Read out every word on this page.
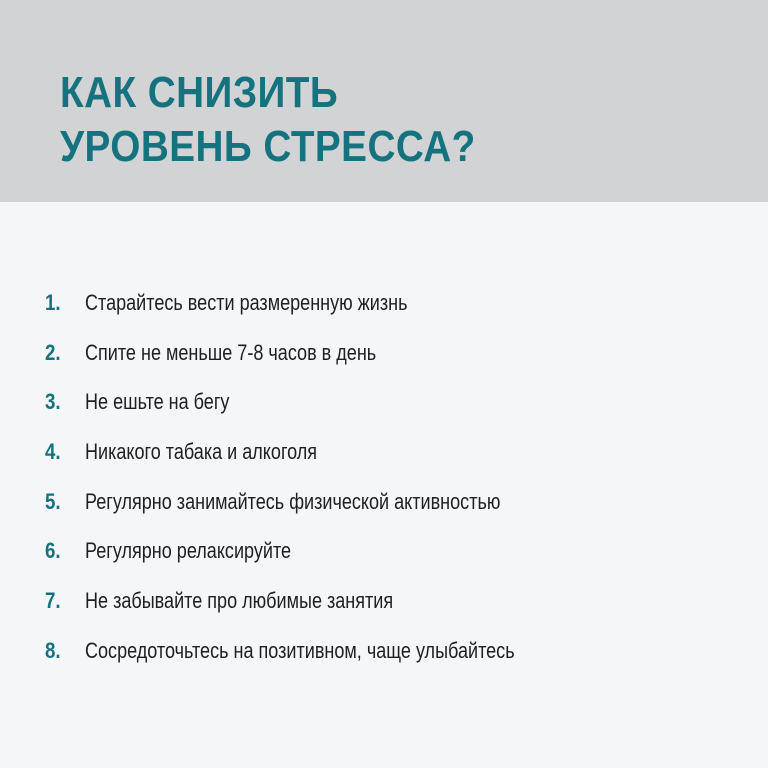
КАК СНИЗИТЬ
УРОВЕНЬ СТРЕССА?
1. Старайтесь вести размеренную жизнь
2. Спите не меньше 7-8 часов в день
3. Не ешьте на бегу
4. Никакого табака и алкоголя
5. Регулярно занимайтесь физической активностью
6. Регулярно релаксируйте
7. Не забывайте про любимые занятия
8. Сосредоточьтесь на позитивном, чаще улыбайтесь
